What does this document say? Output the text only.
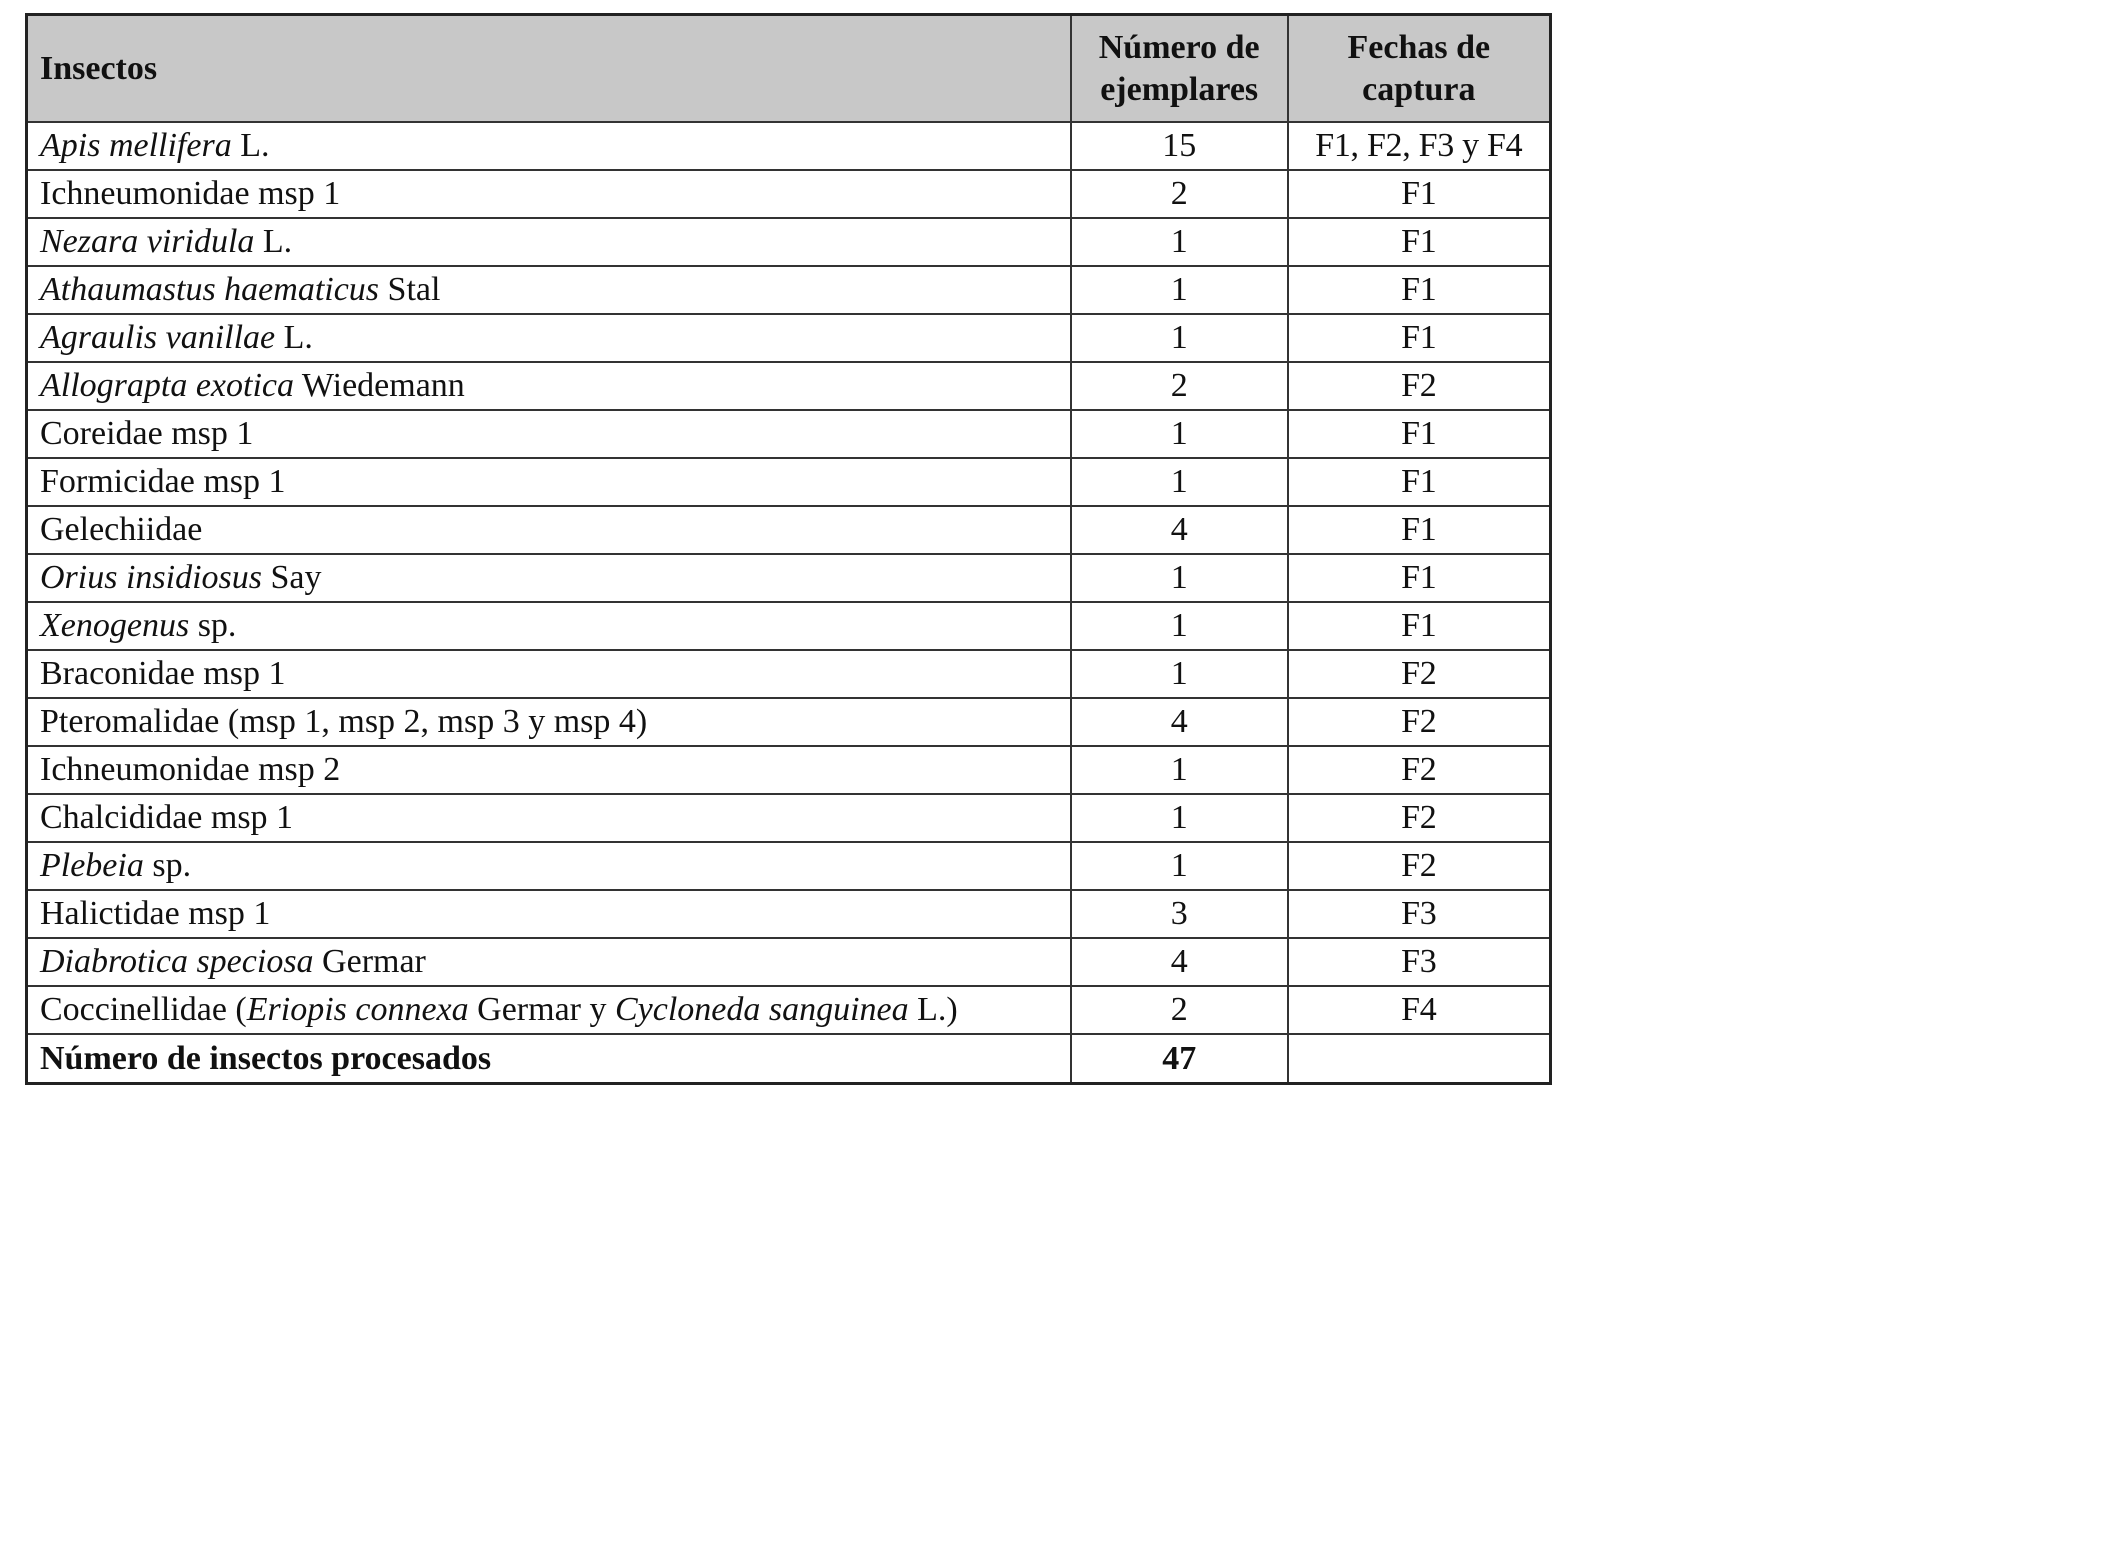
Insectos	Número de ejemplares	Fechas de captura
Apis mellifera L.	15	F1, F2, F3 y F4
Ichneumonidae msp 1	2	F1
Nezara viridula L.	1	F1
Athaumastus haematicus Stal	1	F1
Agraulis vanillae L.	1	F1
Allograpta exotica Wiedemann	2	F2
Coreidae msp 1	1	F1
Formicidae msp 1	1	F1
Gelechiidae	4	F1
Orius insidiosus Say	1	F1
Xenogenus sp.	1	F1
Braconidae msp 1	1	F2
Pteromalidae (msp 1, msp 2, msp 3 y msp 4)	4	F2
Ichneumonidae msp 2	1	F2
Chalcididae msp 1	1	F2
Plebeia sp.	1	F2
Halictidae msp 1	3	F3
Diabrotica speciosa Germar	4	F3
Coccinellidae (Eriopis connexa Germar y Cycloneda sanguinea L.)	2	F4
Número de insectos procesados	47	
